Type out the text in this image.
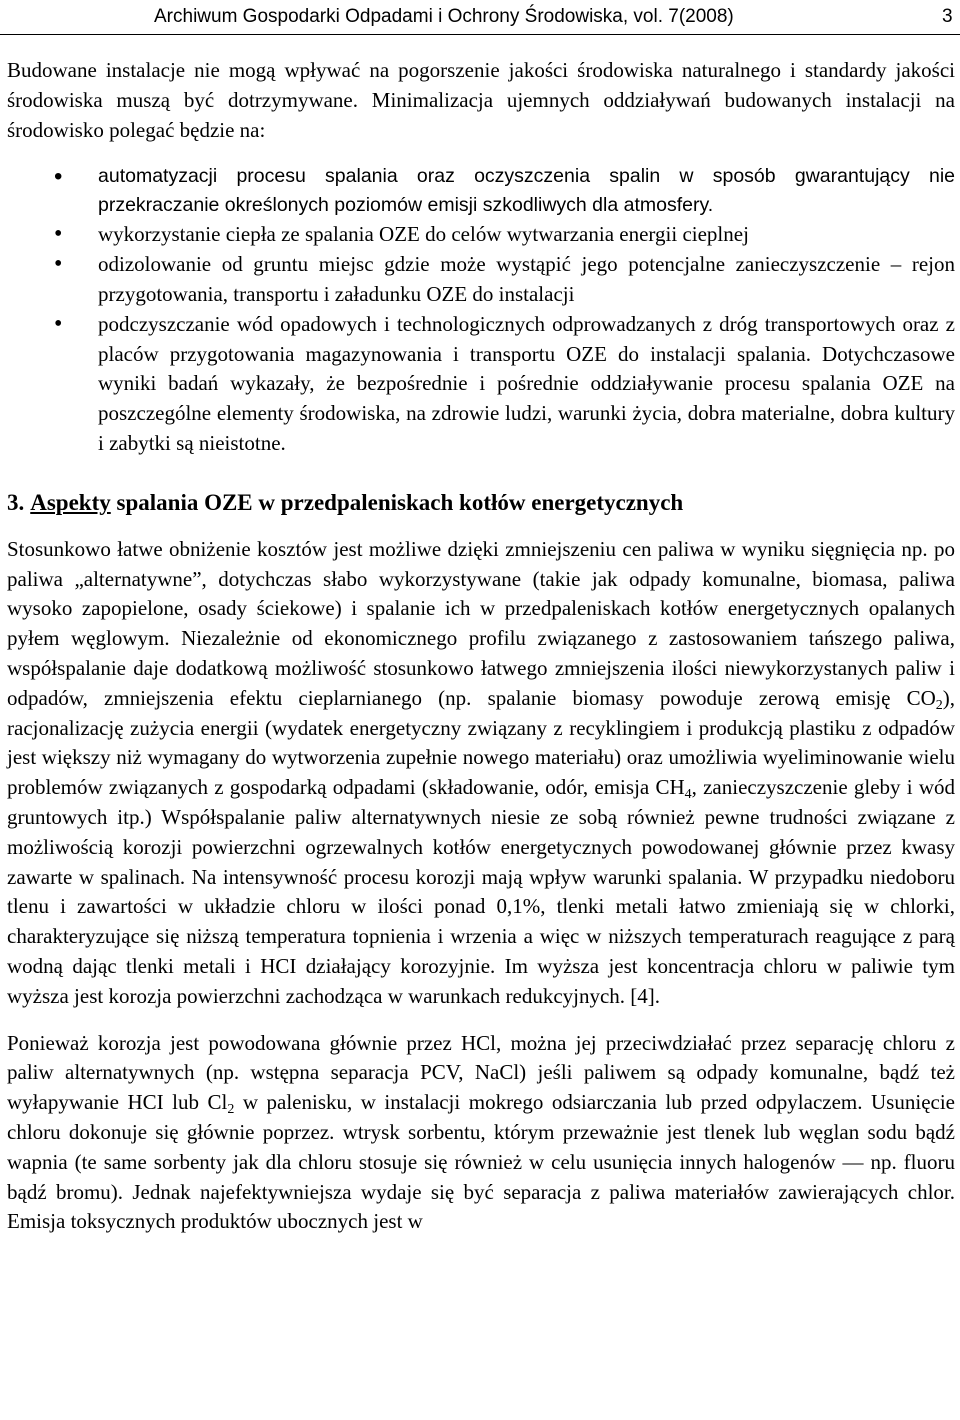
Archiwum Gospodarki Odpadami i Ochrony Środowiska, vol. 7(2008)	3

Budowane instalacje nie mogą wpływać na pogorszenie jakości środowiska naturalnego i standardy jakości środowiska muszą być dotrzymywane. Minimalizacja ujemnych oddziaływań budowanych instalacji na środowisko polegać będzie na:

• automatyzacji procesu spalania oraz oczyszczenia spalin w sposób gwarantujący nie przekraczanie określonych poziomów emisji szkodliwych dla atmosfery.
• wykorzystanie ciepła ze spalania OZE do celów wytwarzania energii cieplnej
• odizolowanie od gruntu miejsc gdzie może wystąpić jego potencjalne zanieczyszczenie – rejon przygotowania, transportu i załadunku OZE do instalacji
• podczyszczanie wód opadowych i technologicznych odprowadzanych z dróg transportowych oraz z placów przygotowania magazynowania i transportu OZE do instalacji spalania. Dotychczasowe wyniki badań wykazały, że bezpośrednie i pośrednie oddziaływanie procesu spalania OZE na poszczególne elementy środowiska, na zdrowie ludzi, warunki życia, dobra materialne, dobra kultury i zabytki są nieistotne.
3. Aspekty spalania OZE w przedpaleniskach kotłów energetycznych

Stosunkowo łatwe obniżenie kosztów jest możliwe dzięki zmniejszeniu cen paliwa w wyniku sięgnięcia np. po paliwa „alternatywne”, dotychczas słabo wykorzystywane (takie jak odpady komunalne, biomasa, paliwa wysoko zapopielone, osady ściekowe) i spalanie ich w przedpaleniskach kotłów energetycznych opalanych pyłem węglowym. Niezależnie od ekonomicznego profilu związanego z zastosowaniem tańszego paliwa, współspalanie daje dodatkową możliwość stosunkowo łatwego zmniejszenia ilości niewykorzystanych paliw i odpadów, zmniejszenia efektu cieplarnianego (np. spalanie biomasy powoduje zerową emisję $CO_2$), racjonalizację zużycia energii (wydatek energetyczny związany z recyklingiem i produkcją plastiku z odpadów jest większy niż wymagany do wytworzenia zupełnie nowego materiału) oraz umożliwia wyeliminowanie wielu problemów związanych z gospodarką odpadami (składowanie, odór, emisja $CH_4$, zanieczyszczenie gleby i wód gruntowych itp.) Współspalanie paliw alternatywnych niesie ze sobą również pewne trudności związane z możliwością korozji powierzchni ogrzewalnych kotłów energetycznych powodowanej głównie przez kwasy zawarte w spalinach. Na intensywność procesu korozji mają wpływ warunki spalania. W przypadku niedoboru tlenu i zawartości w układzie chloru w ilości ponad 0,1%, tlenki metali łatwo zmieniają się w chlorki, charakteryzujące się niższą temperatura topnienia i wrzenia a więc w niższych temperaturach reagujące z parą wodną dając tlenki metali i HCI działający korozyjnie. Im wyższa jest koncentracja chloru w paliwie tym wyższa jest korozja powierzchni zachodząca w warunkach redukcyjnych. [4].

Ponieważ korozja jest powodowana głównie przez HCl, można jej przeciwdziałać przez separację chloru z paliw alternatywnych (np. wstępna separacja PCV, NaCl) jeśli paliwem są odpady komunalne, bądź też wyłapywanie HCI lub $Cl_2$ w palenisku, w instalacji mokrego odsiarczania lub przed odpylaczem. Usunięcie chloru dokonuje się głównie poprzez. wtrysk sorbentu, którym przeważnie jest tlenek lub węglan sodu bądź wapnia (te same sorbenty jak dla chloru stosuje się również w celu usunięcia innych halogenów — np. fluoru bądź bromu). Jednak najefektywniejsza wydaje się być separacja z paliwa materiałów zawierających chlor. Emisja toksycznych produktów ubocznych jest w
